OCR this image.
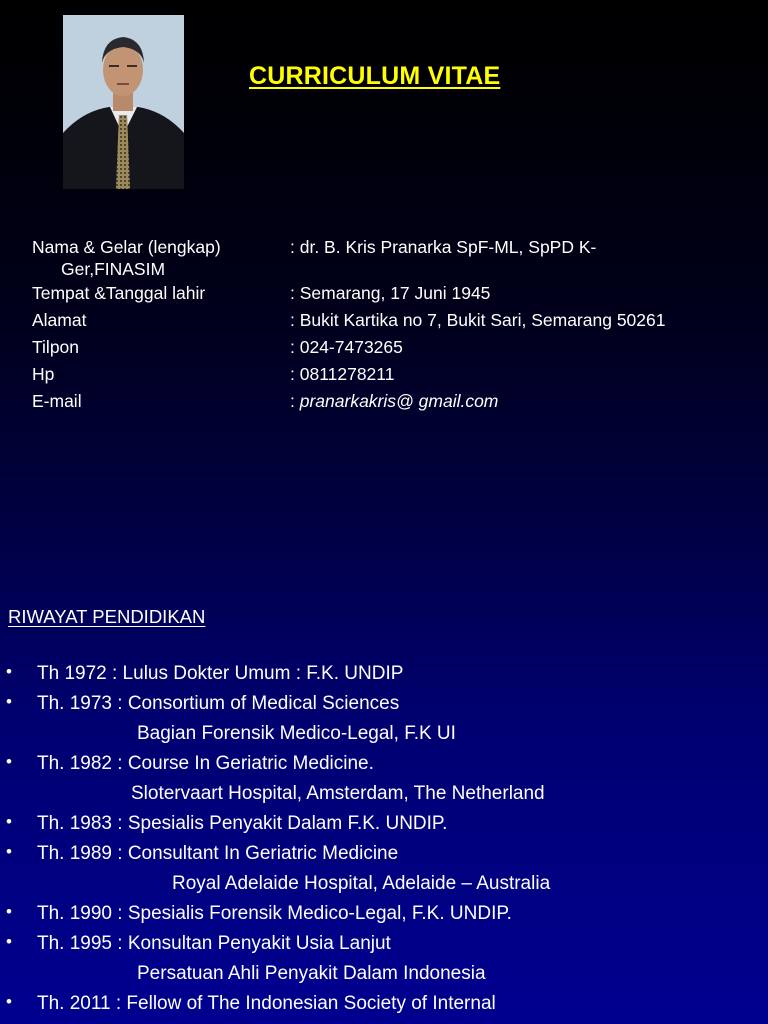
CURRICULUM VITAE
Nama & Gelar (lengkap)	: dr. B. Kris Pranarka SpF-ML, SpPD K-
Ger,FINASIM
Tempat &Tanggal lahir	: Semarang, 17 Juni 1945
Alamat	: Bukit Kartika no 7, Bukit Sari, Semarang 50261
Tilpon	: 024-7473265
Hp	: 0811278211
E-mail	: pranarkakris@ gmail.com
RIWAYAT PENDIDIKAN
• Th 1972 : Lulus Dokter Umum : F.K. UNDIP
• Th. 1973 : Consortium of Medical Sciences
Bagian Forensik Medico-Legal, F.K UI
• Th. 1982 : Course In Geriatric Medicine.
Slotervaart Hospital, Amsterdam, The Netherland
• Th. 1983 : Spesialis Penyakit Dalam F.K. UNDIP.
• Th. 1989 : Consultant In Geriatric Medicine
Royal Adelaide Hospital, Adelaide – Australia
• Th. 1990 : Spesialis Forensik Medico-Legal, F.K. UNDIP.
• Th. 1995 : Konsultan Penyakit Usia Lanjut
Persatuan Ahli Penyakit Dalam Indonesia
• Th. 2011 : Fellow of The Indonesian Society of Internal
